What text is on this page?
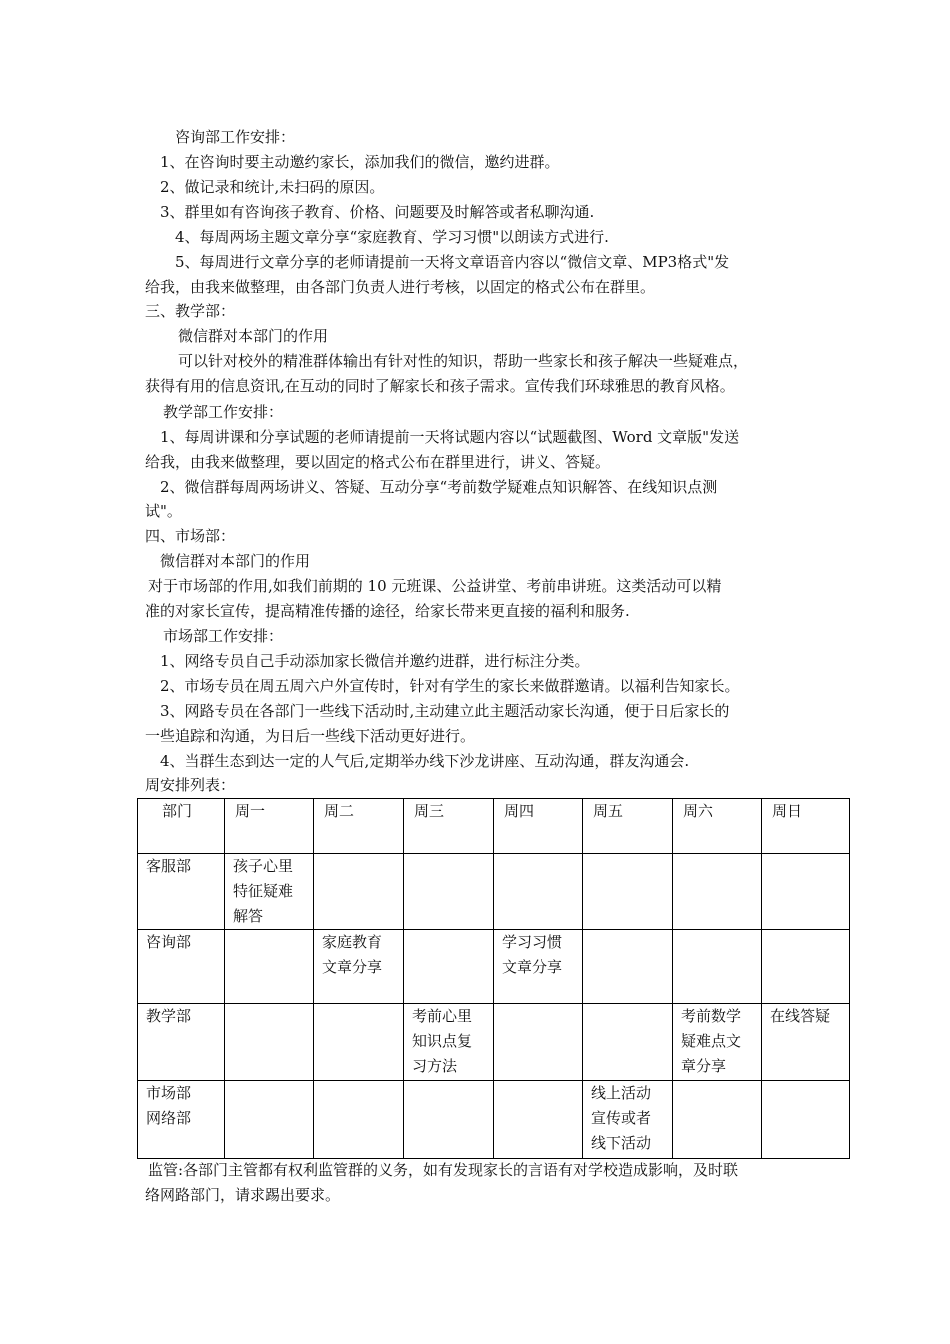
咨询部工作安排：
1、在咨询时要主动邀约家长，添加我们的微信，邀约进群。
2、做记录和统计,未扫码的原因。
3、群里如有咨询孩子教育、价格、问题要及时解答或者私聊沟通.
4、每周两场主题文章分享“家庭教育、学习习惯"以朗读方式进行.
5、每周进行文章分享的老师请提前一天将文章语音内容以“微信文章、MP3格式"发
给我，由我来做整理，由各部门负责人进行考核，以固定的格式公布在群里。
三、教学部：
微信群对本部门的作用
可以针对校外的精准群体输出有针对性的知识，帮助一些家长和孩子解决一些疑难点，
获得有用的信息资讯,在互动的同时了解家长和孩子需求。宣传我们环球雅思的教育风格。
教学部工作安排：
1、每周讲课和分享试题的老师请提前一天将试题内容以“试题截图、Word 文章版"发送
给我，由我来做整理，要以固定的格式公布在群里进行，讲义、答疑。
2、微信群每周两场讲义、答疑、互动分享“考前数学疑难点知识解答、在线知识点测
试"。
四、市场部：
微信群对本部门的作用
对于市场部的作用,如我们前期的 10 元班课、公益讲堂、考前串讲班。这类活动可以精
准的对家长宣传，提高精准传播的途径，给家长带来更直接的福利和服务.
市场部工作安排：
1、网络专员自己手动添加家长微信并邀约进群，进行标注分类。
2、市场专员在周五周六户外宣传时，针对有学生的家长来做群邀请。以福利告知家长。
3、网路专员在各部门一些线下活动时,主动建立此主题活动家长沟通，便于日后家长的
一些追踪和沟通，为日后一些线下活动更好进行。
4、当群生态到达一定的人气后,定期举办线下沙龙讲座、互动沟通，群友沟通会.
周安排列表：
部门	周一	周二	周三	周四	周五	周六	周日
客服部	孩子心里
特征疑难
解答						
咨询部		家庭教育
文章分享		学习习惯
文章分享			
教学部			考前心里
知识点复
习方法			考前数学
疑难点文
章分享	在线答疑
市场部
网络部					线上活动
宣传或者
线下活动		
监管:各部门主管都有权利监管群的义务，如有发现家长的言语有对学校造成影响，及时联
络网路部门，请求踢出要求。
